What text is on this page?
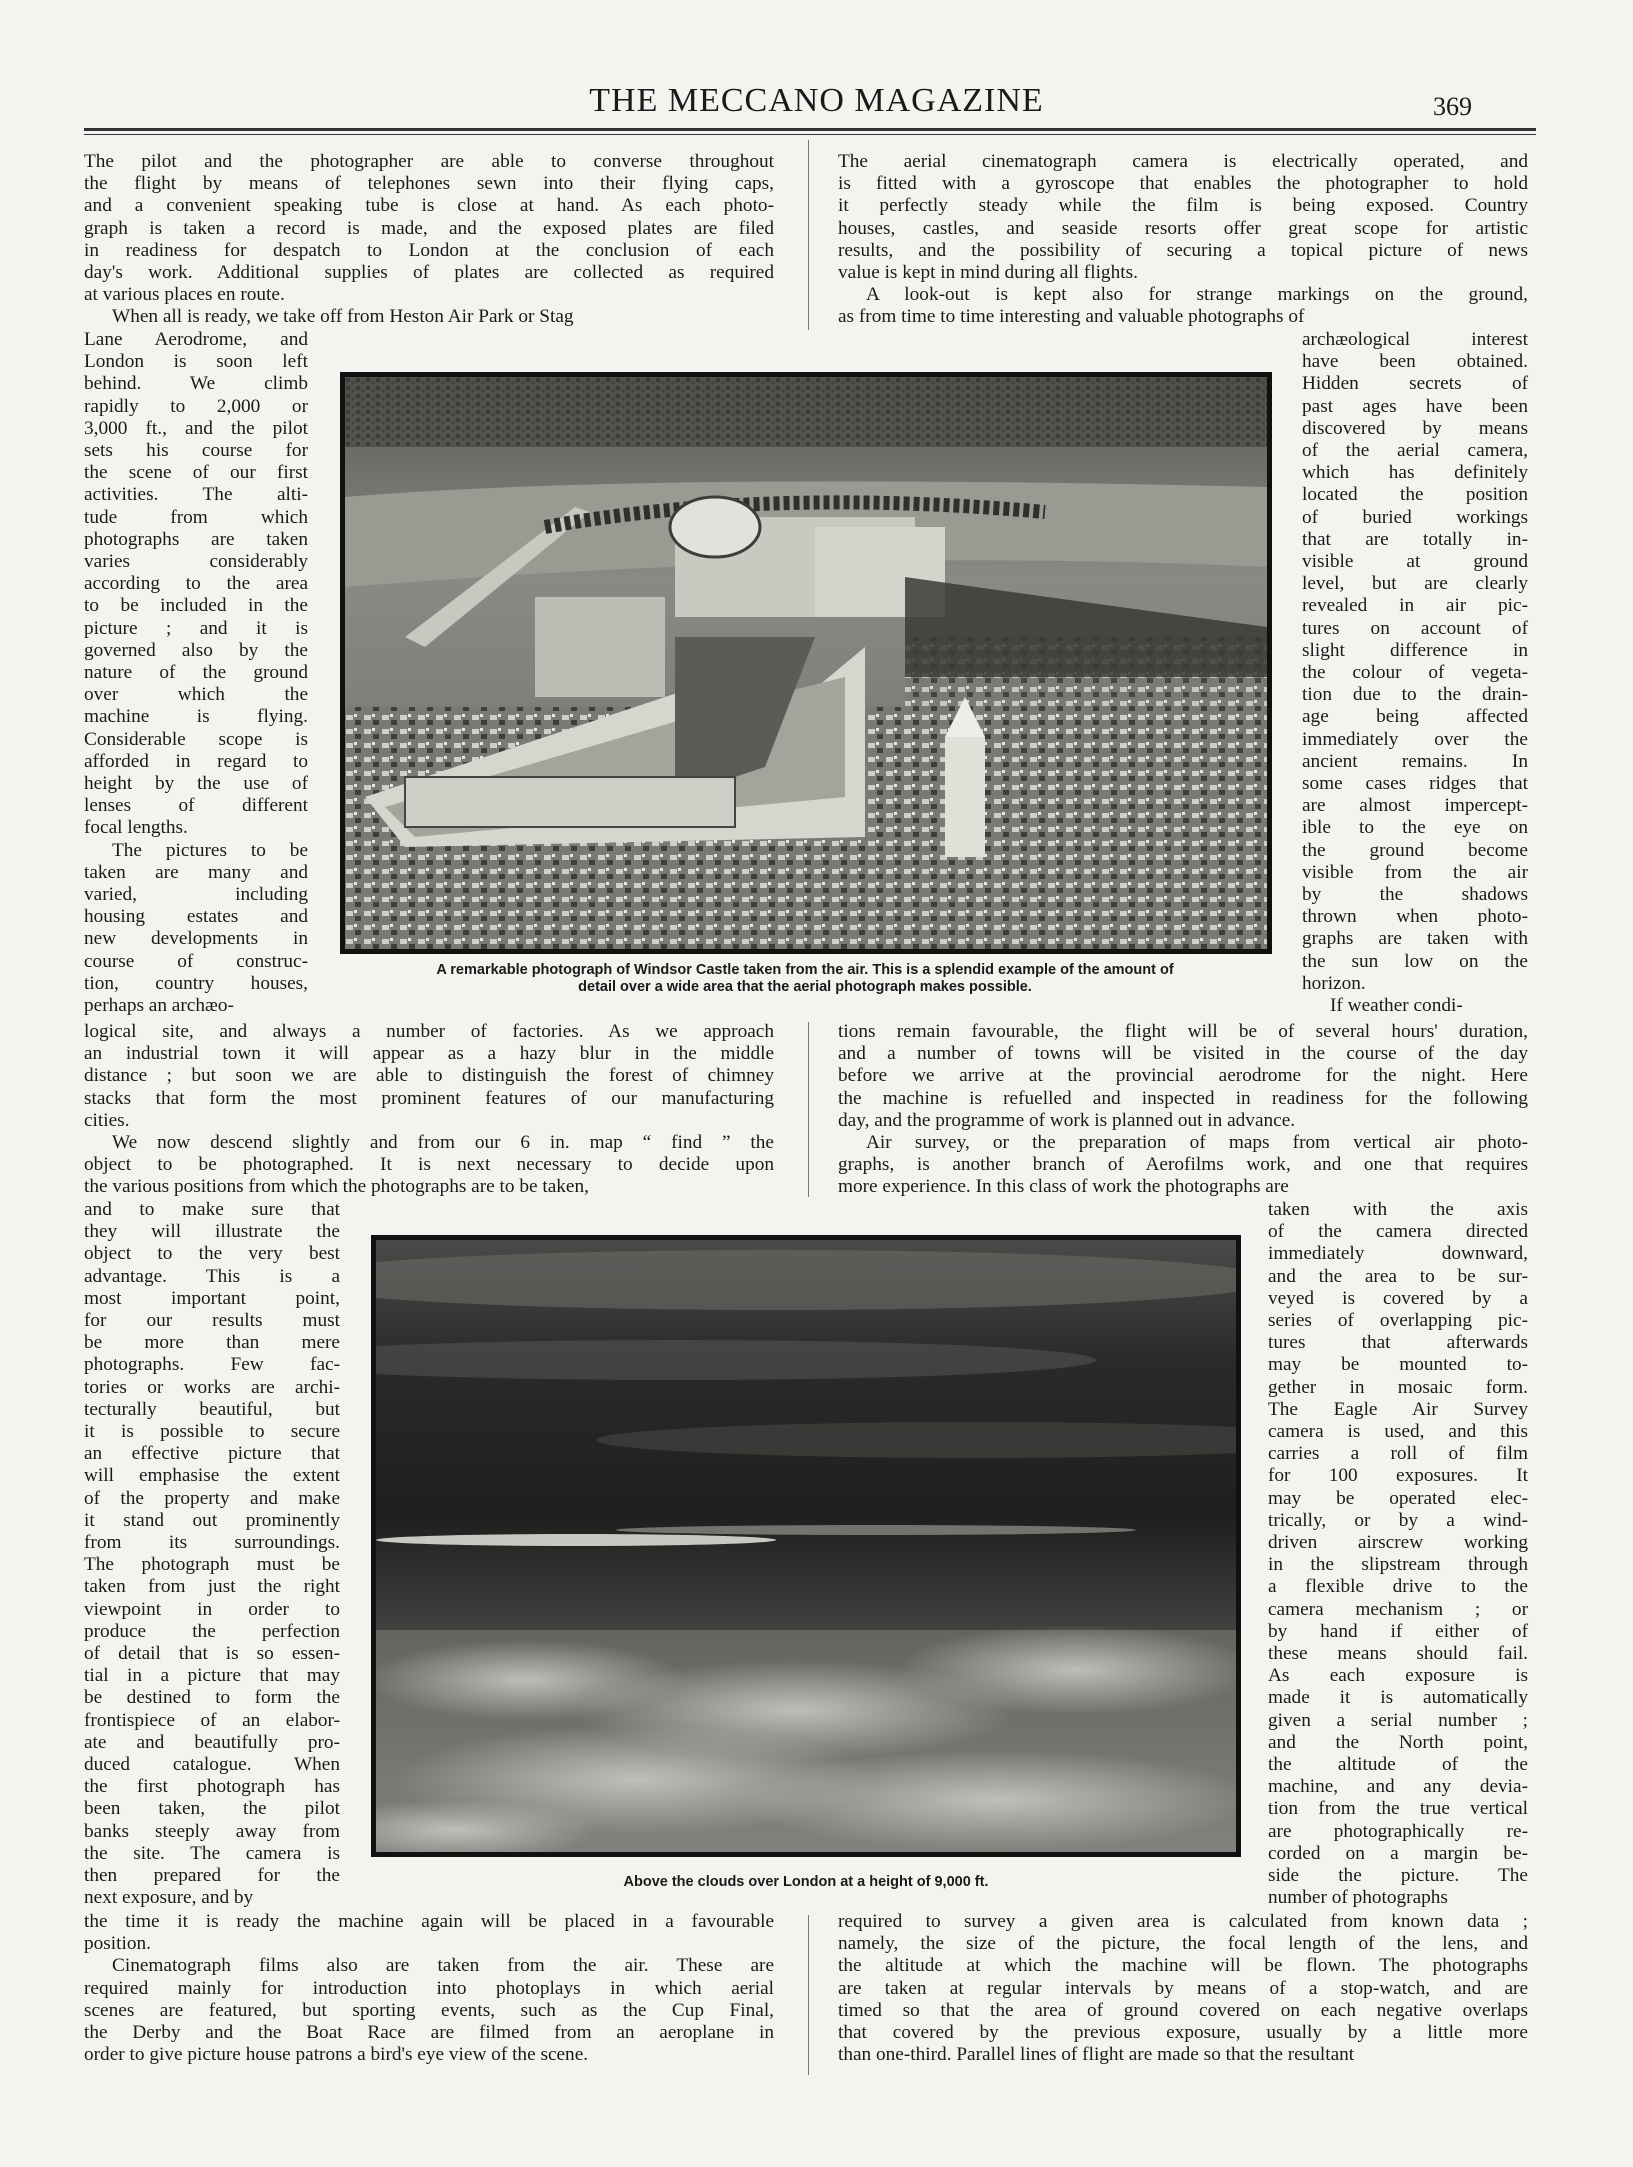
THE MECCANO MAGAZINE	369
The pilot and the photographer are able to converse throughout
the flight by means of telephones sewn into their flying caps,
and a convenient speaking tube is close at hand. As each photo-
graph is taken a record is made, and the exposed plates are filed
in readiness for despatch to London at the conclusion of each
day's work. Additional supplies of plates are collected as required
at various places en route.
When all is ready, we take off from Heston Air Park or Stag
Lane Aerodrome, and
London is soon left
behind. We climb
rapidly to 2,000 or
3,000 ft., and the pilot
sets his course for
the scene of our first
activities. The alti-
tude from which
photographs are taken
varies considerably
according to the area
to be included in the
picture ; and it is
governed also by the
nature of the ground
over which the
machine is flying.
Considerable scope is
afforded in regard to
height by the use of
lenses of different
focal lengths.
The pictures to be
taken are many and
varied, including
housing estates and
new developments in
course of construc-
tion, country houses,
perhaps an archæo-
logical site, and always a number of factories. As we approach
an industrial town it will appear as a hazy blur in the middle
distance ; but soon we are able to distinguish the forest of chimney
stacks that form the most prominent features of our manufacturing
cities.
We now descend slightly and from our 6 in. map “ find ” the
object to be photographed. It is next necessary to decide upon
the various positions from which the photographs are to be taken,
and to make sure that
they will illustrate the
object to the very best
advantage. This is a
most important point,
for our results must
be more than mere
photographs. Few fac-
tories or works are archi-
tecturally beautiful, but
it is possible to secure
an effective picture that
will emphasise the extent
of the property and make
it stand out prominently
from its surroundings.
The photograph must be
taken from just the right
viewpoint in order to
produce the perfection
of detail that is so essen-
tial in a picture that may
be destined to form the
frontispiece of an elabor-
ate and beautifully pro-
duced catalogue. When
the first photograph has
been taken, the pilot
banks steeply away from
the site. The camera is
then prepared for the
next exposure, and by
the time it is ready the machine again will be placed in a favourable
position.
Cinematograph films also are taken from the air. These are
required mainly for introduction into photoplays in which aerial
scenes are featured, but sporting events, such as the Cup Final,
the Derby and the Boat Race are filmed from an aeroplane in
order to give picture house patrons a bird's eye view of the scene.
The aerial cinematograph camera is electrically operated, and
is fitted with a gyroscope that enables the photographer to hold
it perfectly steady while the film is being exposed. Country
houses, castles, and seaside resorts offer great scope for artistic
results, and the possibility of securing a topical picture of news
value is kept in mind during all flights.
A look-out is kept also for strange markings on the ground,
as from time to time interesting and valuable photographs of
archæological interest
have been obtained.
Hidden secrets of
past ages have been
discovered by means
of the aerial camera,
which has definitely
located the position
of buried workings
that are totally in-
visible at ground
level, but are clearly
revealed in air pic-
tures on account of
slight difference in
the colour of vegeta-
tion due to the drain-
age being affected
immediately over the
ancient remains. In
some cases ridges that
are almost impercept-
ible to the eye on
the ground become
visible from the air
by the shadows
thrown when photo-
graphs are taken with
the sun low on the
horizon.
If weather condi-
tions remain favourable, the flight will be of several hours' duration,
and a number of towns will be visited in the course of the day
before we arrive at the provincial aerodrome for the night. Here
the machine is refuelled and inspected in readiness for the following
day, and the programme of work is planned out in advance.
Air survey, or the preparation of maps from vertical air photo-
graphs, is another branch of Aerofilms work, and one that requires
more experience. In this class of work the photographs are
taken with the axis
of the camera directed
immediately downward,
and the area to be sur-
veyed is covered by a
series of overlapping pic-
tures that afterwards
may be mounted to-
gether in mosaic form.
The Eagle Air Survey
camera is used, and this
carries a roll of film
for 100 exposures. It
may be operated elec-
trically, or by a wind-
driven airscrew working
in the slipstream through
a flexible drive to the
camera mechanism ; or
by hand if either of
these means should fail.
As each exposure is
made it is automatically
given a serial number ;
and the North point,
the altitude of the
machine, and any devia-
tion from the true vertical
are photographically re-
corded on a margin be-
side the picture. The
number of photographs
required to survey a given area is calculated from known data ;
namely, the size of the picture, the focal length of the lens, and
the altitude at which the machine will be flown. The photographs
are taken at regular intervals by means of a stop-watch, and are
timed so that the area of ground covered on each negative overlaps
that covered by the previous exposure, usually by a little more
than one-third. Parallel lines of flight are made so that the resultant
A remarkable photograph of Windsor Castle taken from the air. This is a splendid example of the amount of
detail over a wide area that the aerial photograph makes possible.
Above the clouds over London at a height of 9,000 ft.
